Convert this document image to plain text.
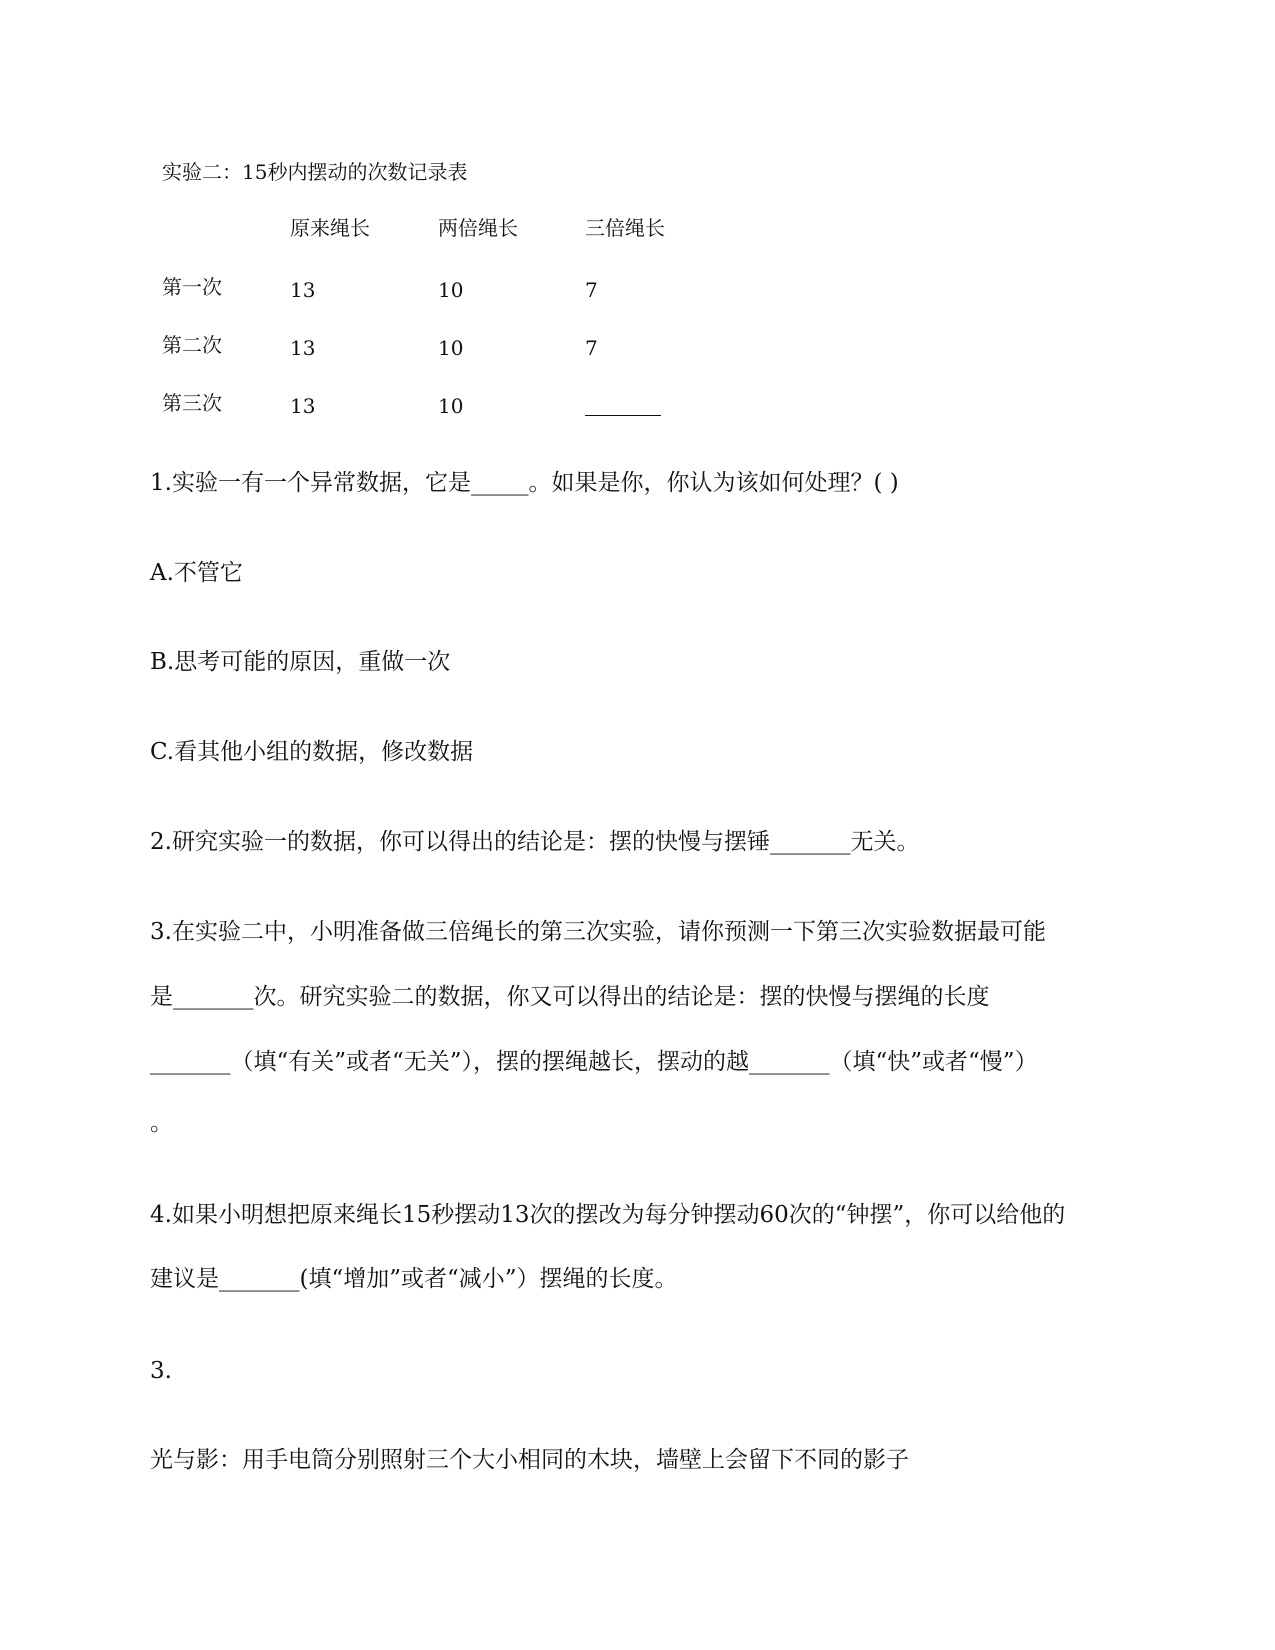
实验二：15秒内摆动的次数记录表
原来绳长	两倍绳长	三倍绳长
第一次	13	10	7
第二次	13	10	7
第三次	13	10
1.实验一有一个异常数据，它是_____。如果是你，你认为该如何处理？( )
A.不管它
B.思考可能的原因，重做一次
C.看其他小组的数据，修改数据
2.研究实验一的数据，你可以得出的结论是：摆的快慢与摆锤_______无关。
3.在实验二中，小明准备做三倍绳长的第三次实验，请你预测一下第三次实验数据最可能
是_______次。研究实验二的数据，你又可以得出的结论是：摆的快慢与摆绳的长度
_______（填“有关”或者“无关”），摆的摆绳越长，摆动的越_______（填“快”或者“慢”）
。
4.如果小明想把原来绳长15秒摆动13次的摆改为每分钟摆动60次的“钟摆”，你可以给他的
建议是_______(填“增加”或者“减小”）摆绳的长度。
3.
光与影：用手电筒分别照射三个大小相同的木块，墙壁上会留下不同的影子
